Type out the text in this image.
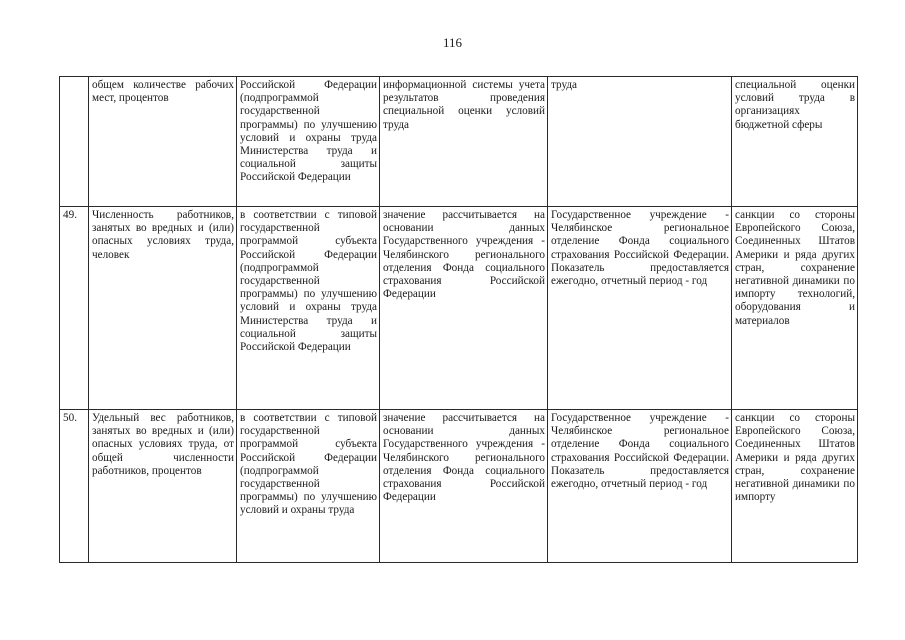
116
	общем количестве рабочих мест, процентов	Российской Федерации (подпрограммой государственной программы) по улучшению условий и охраны труда Министерства труда и социальной защиты Российской Федерации	информационной системы учета результатов проведения специальной оценки условий труда	труда	специальной оценки условий труда в организациях бюджетной сферы
49.	Численность работников, занятых во вредных и (или) опасных условиях труда, человек	в соответствии с типовой государственной программой субъекта Российской Федерации (подпрограммой государственной программы) по улучшению условий и охраны труда Министерства труда и социальной защиты Российской Федерации	значение рассчитывается на основании данных Государственного учреждения - Челябинского регионального отделения Фонда социального страхования Российской Федерации	Государственное учреждение - Челябинское региональное отделение Фонда социального страхования Российской Федерации. Показатель предоставляется ежегодно, отчетный период - год	санкции со стороны Европейского Союза, Соединенных Штатов Америки и ряда других стран, сохранение негативной динамики по импорту технологий, оборудования и материалов
50.	Удельный вес работников, занятых во вредных и (или) опасных условиях труда, от общей численности работников, процентов	в соответствии с типовой государственной программой субъекта Российской Федерации (подпрограммой государственной программы) по улучшению условий и охраны труда	значение рассчитывается на основании данных Государственного учреждения - Челябинского регионального отделения Фонда социального страхования Российской Федерации	Государственное учреждение - Челябинское региональное отделение Фонда социального страхования Российской Федерации. Показатель предоставляется ежегодно, отчетный период - год	санкции со стороны Европейского Союза, Соединенных Штатов Америки и ряда других стран, сохранение негативной динамики по импорту
